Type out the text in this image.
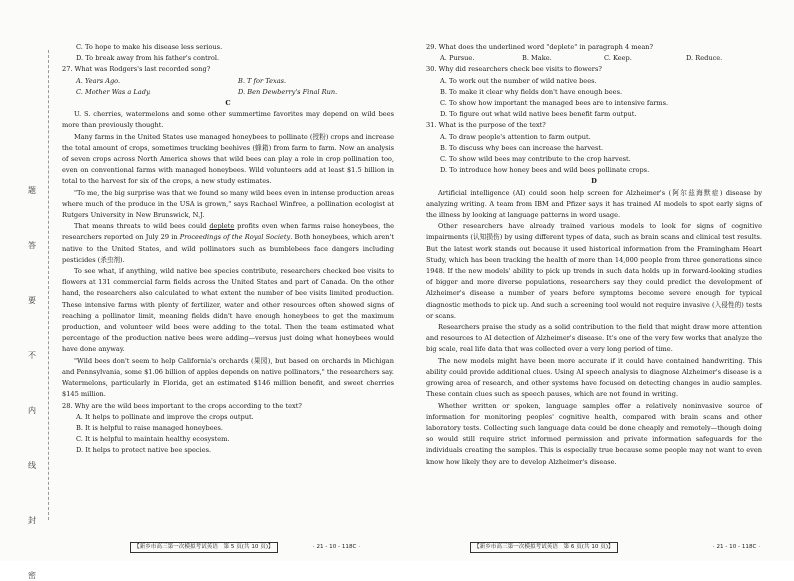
题
答
要
不
内
线
封
密
C. To hope to make his disease less serious.
D. To break away from his father's control.
27. What was Rodgers's last recorded song?
A. Years Ago.	B. T for Texas.
C. Mother Was a Lady.	D. Ben Dewberry's Final Run.
C
U. S. cherries, watermelons and some other summertime favorites may depend on wild bees more than previously thought.
Many farms in the United States use managed honeybees to pollinate (授粉) crops and increase the total amount of crops, sometimes trucking beehives (蜂箱) from farm to farm. Now an analysis of seven crops across North America shows that wild bees can play a role in crop pollination too, even on conventional farms with managed honeybees. Wild volunteers add at least $1.5 billion in total to the harvest for six of the crops, a new study estimates.
"To me, the big surprise was that we found so many wild bees even in intense production areas where much of the produce in the USA is grown," says Rachael Winfree, a pollination ecologist at Rutgers University in New Brunswick, N.J.
That means threats to wild bees could deplete profits even when farms raise honeybees, the researchers reported on July 29 in Proceedings of the Royal Society. Both honeybees, which aren't native to the United States, and wild pollinators such as bumblebees face dangers including pesticides (杀虫剂).
To see what, if anything, wild native bee species contribute, researchers checked bee visits to flowers at 131 commercial farm fields across the United States and part of Canada. On the other hand, the researchers also calculated to what extent the number of bee visits limited production. These intensive farms with plenty of fertilizer, water and other resources often showed signs of reaching a pollinator limit, meaning fields didn't have enough honeybees to get the maximum production, and volunteer wild bees were adding to the total. Then the team estimated what percentage of the production native bees were adding—versus just doing what honeybees would have done anyway.
"Wild bees don't seem to help California's orchards (果园), but based on orchards in Michigan and Pennsylvania, some $1.06 billion of apples depends on native pollinators," the researchers say. Watermelons, particularly in Florida, get an estimated $146 million benefit, and sweet cherries $145 million.
28. Why are the wild bees important to the crops according to the text?
A. It helps to pollinate and improve the crops output.
B. It is helpful to raise managed honeybees.
C. It is helpful to maintain healthy ecosystem.
D. It helps to protect native bee species.
29. What does the underlined word "deplete" in paragraph 4 mean?
A. Pursue.	B. Make.	C. Keep.	D. Reduce.
30. Why did researchers check bee visits to flowers?
A. To work out the number of wild native bees.
B. To make it clear why fields don't have enough bees.
C. To show how important the managed bees are to intensive farms.
D. To figure out what wild native bees benefit farm output.
31. What is the purpose of the text?
A. To draw people's attention to farm output.
B. To discuss why bees can increase the harvest.
C. To show wild bees may contribute to the crop harvest.
D. To introduce how honey bees and wild bees pollinate crops.
D
Artificial intelligence (AI) could soon help screen for Alzheimer's (阿尔兹海默症) disease by analyzing writing. A team from IBM and Pfizer says it has trained AI models to spot early signs of the illness by looking at language patterns in word usage.
Other researchers have already trained various models to look for signs of cognitive impairments (认知损伤) by using different types of data, such as brain scans and clinical test results. But the latest work stands out because it used historical information from the Framingham Heart Study, which has been tracking the health of more than 14,000 people from three generations since 1948. If the new models' ability to pick up trends in such data holds up in forward-looking studies of bigger and more diverse populations, researchers say they could predict the development of Alzheimer's disease a number of years before symptoms become severe enough for typical diagnostic methods to pick up. And such a screening tool would not require invasive (入侵性的) tests or scans.
Researchers praise the study as a solid contribution to the field that might draw more attention and resources to AI detection of Alzheimer's disease. It's one of the very few works that analyze the big scale, real life data that was collected over a very long period of time.
The new models might have been more accurate if it could have contained handwriting. This ability could provide additional clues. Using AI speech analysis to diagnose Alzheimer's disease is a growing area of research, and other systems have focused on detecting changes in audio samples. These contain clues such as speech pauses, which are not found in writing.
Whether written or spoken, language samples offer a relatively noninvasive source of information for monitoring peoples' cognitive health, compared with brain scans and other laboratory tests. Collecting such language data could be done cheaply and remotely—though doing so would still require strict informed permission and private information safeguards for the individuals creating the samples. This is especially true because some people may not want to even know how likely they are to develop Alzheimer's disease.
【新乡市高三第一次模拟考试英语　第 5 页(共 10 页)】	· 21 - 10 - 118C ·	【新乡市高三第一次模拟考试英语　第 6 页(共 10 页)】	· 21 - 10 - 118C ·
